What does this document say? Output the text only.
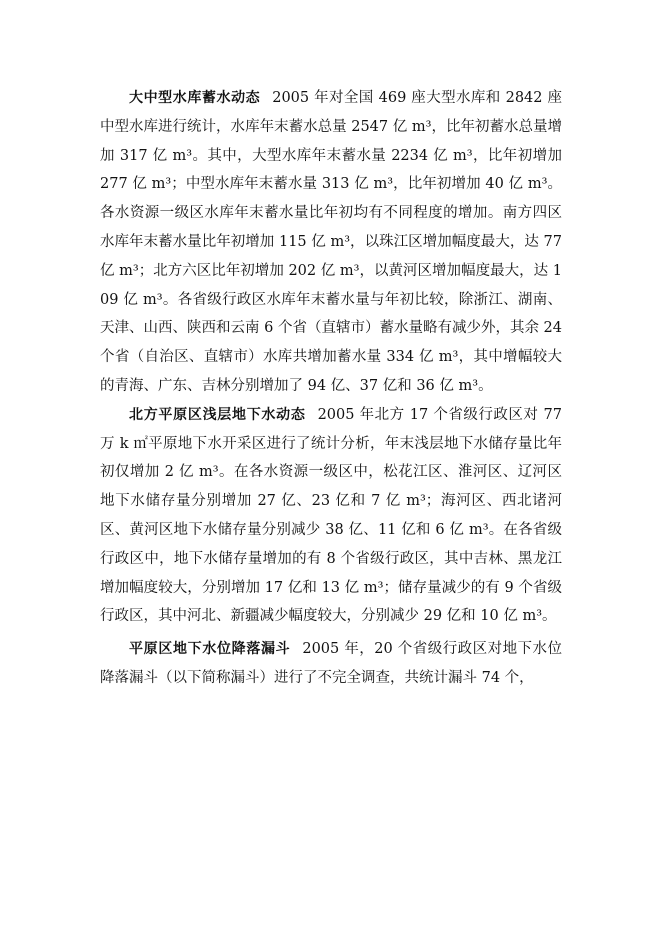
大中型水库蓄水动态 2005 年对全国 469 座大型水库和 2842 座中型水库进行统计，水库年末蓄水总量 2547 亿 m³，比年初蓄水总量增加 317 亿 m³。其中，大型水库年末蓄水量 2234 亿 m³，比年初增加 277 亿 m³；中型水库年末蓄水量 313 亿 m³，比年初增加 40 亿 m³。各水资源一级区水库年末蓄水量比年初均有不同程度的增加。南方四区水库年末蓄水量比年初增加 115 亿 m³，以珠江区增加幅度最大，达 77 亿 m³；北方六区比年初增加 202 亿 m³，以黄河区增加幅度最大，达 109 亿 m³。各省级行政区水库年末蓄水量与年初比较，除浙江、湖南、天津、山西、陕西和云南 6 个省（直辖市）蓄水量略有减少外，其余 24 个省（自治区、直辖市）水库共增加蓄水量 334 亿 m³，其中增幅较大的青海、广东、吉林分别增加了 94 亿、37 亿和 36 亿 m³。

北方平原区浅层地下水动态 2005 年北方 17 个省级行政区对 77 万 k ㎡平原地下水开采区进行了统计分析，年末浅层地下水储存量比年初仅增加 2 亿 m³。在各水资源一级区中，松花江区、淮河区、辽河区地下水储存量分别增加 27 亿、23 亿和 7 亿 m³；海河区、西北诸河区、黄河区地下水储存量分别减少 38 亿、11 亿和 6 亿 m³。在各省级行政区中，地下水储存量增加的有 8 个省级行政区，其中吉林、黑龙江增加幅度较大，分别增加 17 亿和 13 亿 m³；储存量减少的有 9 个省级行政区，其中河北、新疆减少幅度较大，分别减少 29 亿和 10 亿 m³。

平原区地下水位降落漏斗 2005 年，20 个省级行政区对地下水位降落漏斗（以下简称漏斗）进行了不完全调查，共统计漏斗 74 个，
